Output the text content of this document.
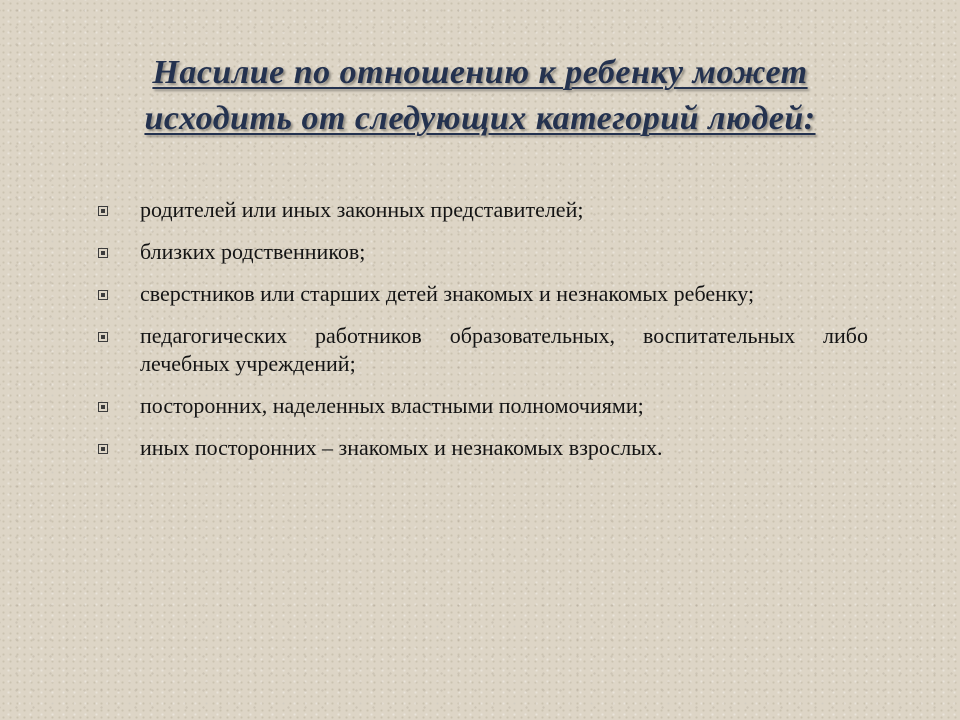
Насилие по отношению к ребенку может
исходить от следующих категорий людей:
родителей или иных законных представителей;
близких родственников;
сверстников или старших детей знакомых и незнакомых ребенку;
педагогических работников образовательных, воспитательных либо лечебных учреждений;
посторонних, наделенных властными полномочиями;
иных посторонних – знакомых и незнакомых взрослых.
